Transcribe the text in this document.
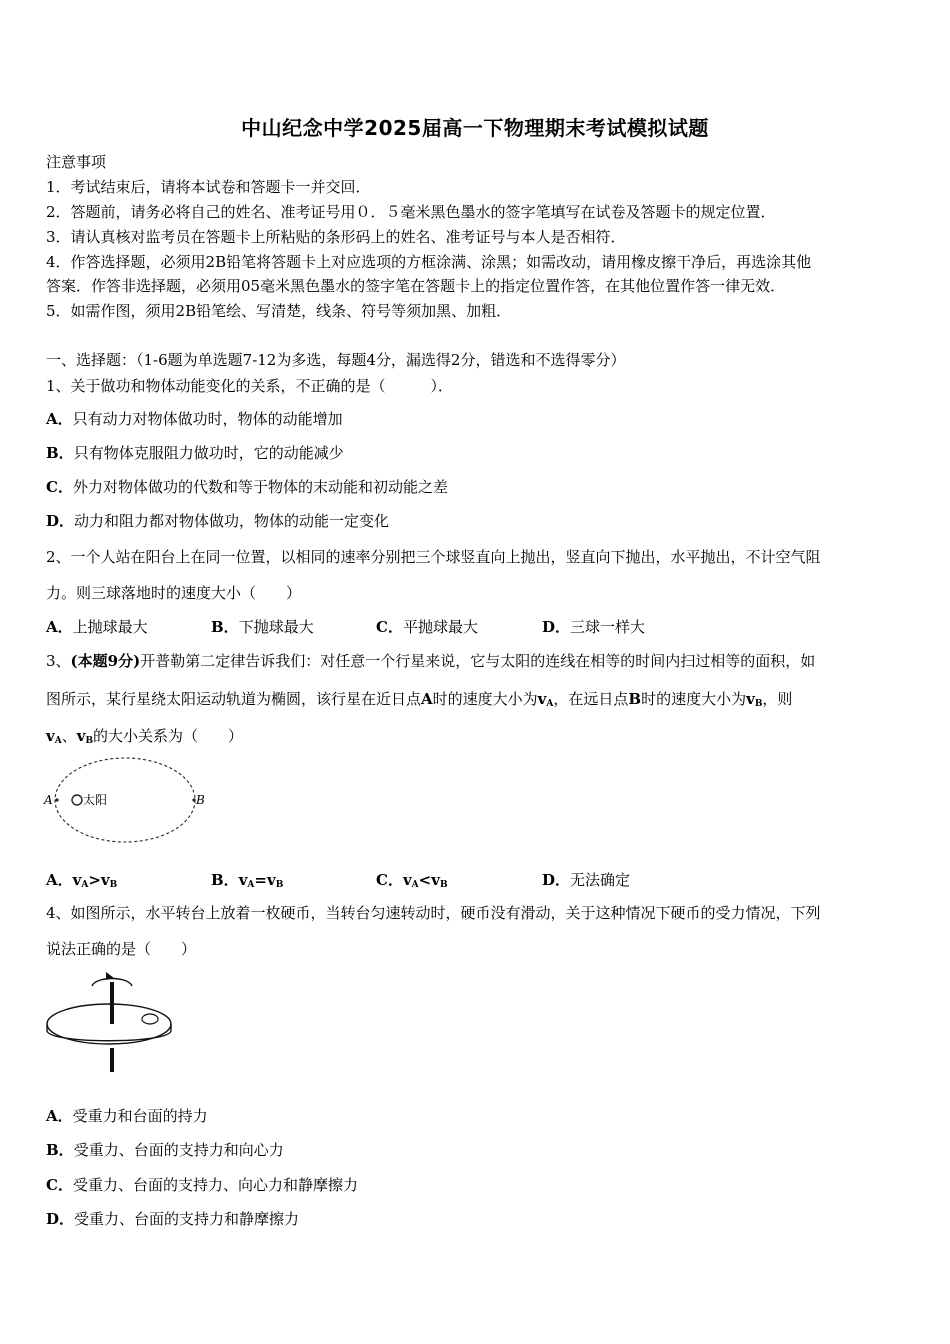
中山纪念中学2025届高一下物理期末考试模拟试题
注意事项
1．考试结束后，请将本试卷和答题卡一并交回．
2．答题前，请务必将自己的姓名、准考证号用０．５毫米黑色墨水的签字笔填写在试卷及答题卡的规定位置．
3．请认真核对监考员在答题卡上所粘贴的条形码上的姓名、准考证号与本人是否相符．
4．作答选择题，必须用2B铅笔将答题卡上对应选项的方框涂满、涂黑；如需改动，请用橡皮擦干净后，再选涂其他
答案．作答非选择题，必须用05毫米黑色墨水的签字笔在答题卡上的指定位置作答，在其他位置作答一律无效．
5．如需作图，须用2B铅笔绘、写清楚，线条、符号等须加黑、加粗．
一、选择题：（1-6题为单选题7-12为多选，每题4分，漏选得2分，错选和不选得零分）
1、关于做功和物体动能变化的关系，不正确的是（　　　）．
A．只有动力对物体做功时，物体的动能增加
B．只有物体克服阻力做功时，它的动能减少
C．外力对物体做功的代数和等于物体的末动能和初动能之差
D．动力和阻力都对物体做功，物体的动能一定变化
2、一个人站在阳台上在同一位置，以相同的速率分别把三个球竖直向上抛出，竖直向下抛出，水平抛出，不计空气阻
力。则三球落地时的速度大小（　　）
A．上抛球最大	B．下抛球最大	C．平抛球最大	D．三球一样大
3、(本题9分)开普勒第二定律告诉我们：对任意一个行星来说，它与太阳的连线在相等的时间内扫过相等的面积，如
图所示，某行星绕太阳运动轨道为椭圆，该行星在近日点A时的速度大小为$v_A$，在远日点B时的速度大小为$v_B$，则
$v_A$、$v_B$的大小关系为（　　）
A	太阳	B
A．$v_A>v_B$	B．$v_A=v_B$	C．$v_A<v_B$	D．无法确定
4、如图所示，水平转台上放着一枚硬币，当转台匀速转动时，硬币没有滑动，关于这种情况下硬币的受力情况，下列
说法正确的是（　　）
A．受重力和台面的持力
B．受重力、台面的支持力和向心力
C．受重力、台面的支持力、向心力和静摩擦力
D．受重力、台面的支持力和静摩擦力
